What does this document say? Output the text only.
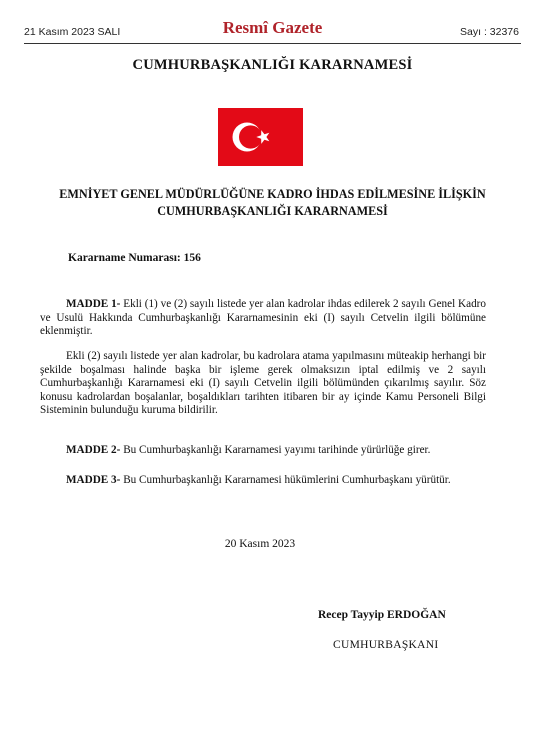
21 Kasım 2023 SALI	Resmî Gazete	Sayı : 32376
CUMHURBAŞKANLIĞI KARARNAMESİ
EMNİYET GENEL MÜDÜRLÜĞÜNE KADRO İHDAS EDİLMESİNE İLİŞKİN
CUMHURBAŞKANLIĞI KARARNAMESİ
Kararname Numarası: 156

MADDE 1- Ekli (1) ve (2) sayılı listede yer alan kadrolar ihdas edilerek 2 sayılı Genel Kadro ve Usulü Hakkında Cumhurbaşkanlığı Kararnamesinin eki (I) sayılı Cetvelin ilgili bölümüne eklenmiştir.

Ekli (2) sayılı listede yer alan kadrolar, bu kadrolara atama yapılmasını müteakip herhangi bir şekilde boşalması halinde başka bir işleme gerek olmaksızın iptal edilmiş ve 2 sayılı Cumhurbaşkanlığı Kararnamesi eki (I) sayılı Cetvelin ilgili bölümünden çıkarılmış sayılır. Söz konusu kadrolardan boşalanlar, boşaldıkları tarihten itibaren bir ay içinde Kamu Personeli Bilgi Sisteminin bulunduğu kuruma bildirilir.

MADDE 2- Bu Cumhurbaşkanlığı Kararnamesi yayımı tarihinde yürürlüğe girer.

MADDE 3- Bu Cumhurbaşkanlığı Kararnamesi hükümlerini Cumhurbaşkanı yürütür.

20 Kasım 2023
Recep Tayyip ERDOĞAN
CUMHURBAŞKANI
